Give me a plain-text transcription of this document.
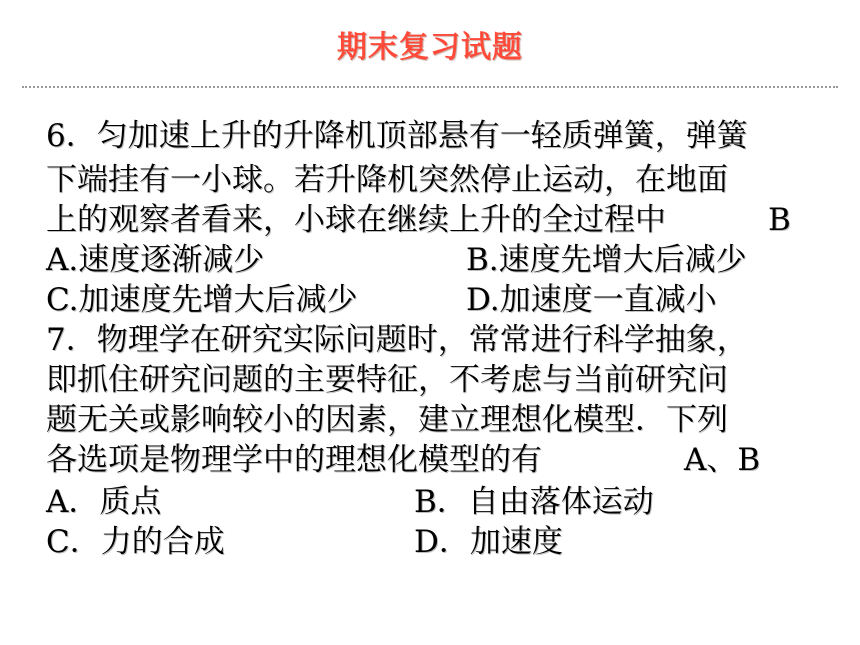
期末复习试题
6．匀加速上升的升降机顶部悬有一轻质弹簧，弹簧
下端挂有一小球。若升降机突然停止运动，在地面
上的观察者看来，小球在继续上升的全过程中	B
A.速度逐渐减少	B.速度先增大后减少
C.加速度先增大后减少	D.加速度一直减小
7．物理学在研究实际问题时，常常进行科学抽象，
即抓住研究问题的主要特征，不考虑与当前研究问
题无关或影响较小的因素，建立理想化模型．下列
各选项是物理学中的理想化模型的有	A、B
A．质点	B．自由落体运动
C．力的合成	D．加速度
